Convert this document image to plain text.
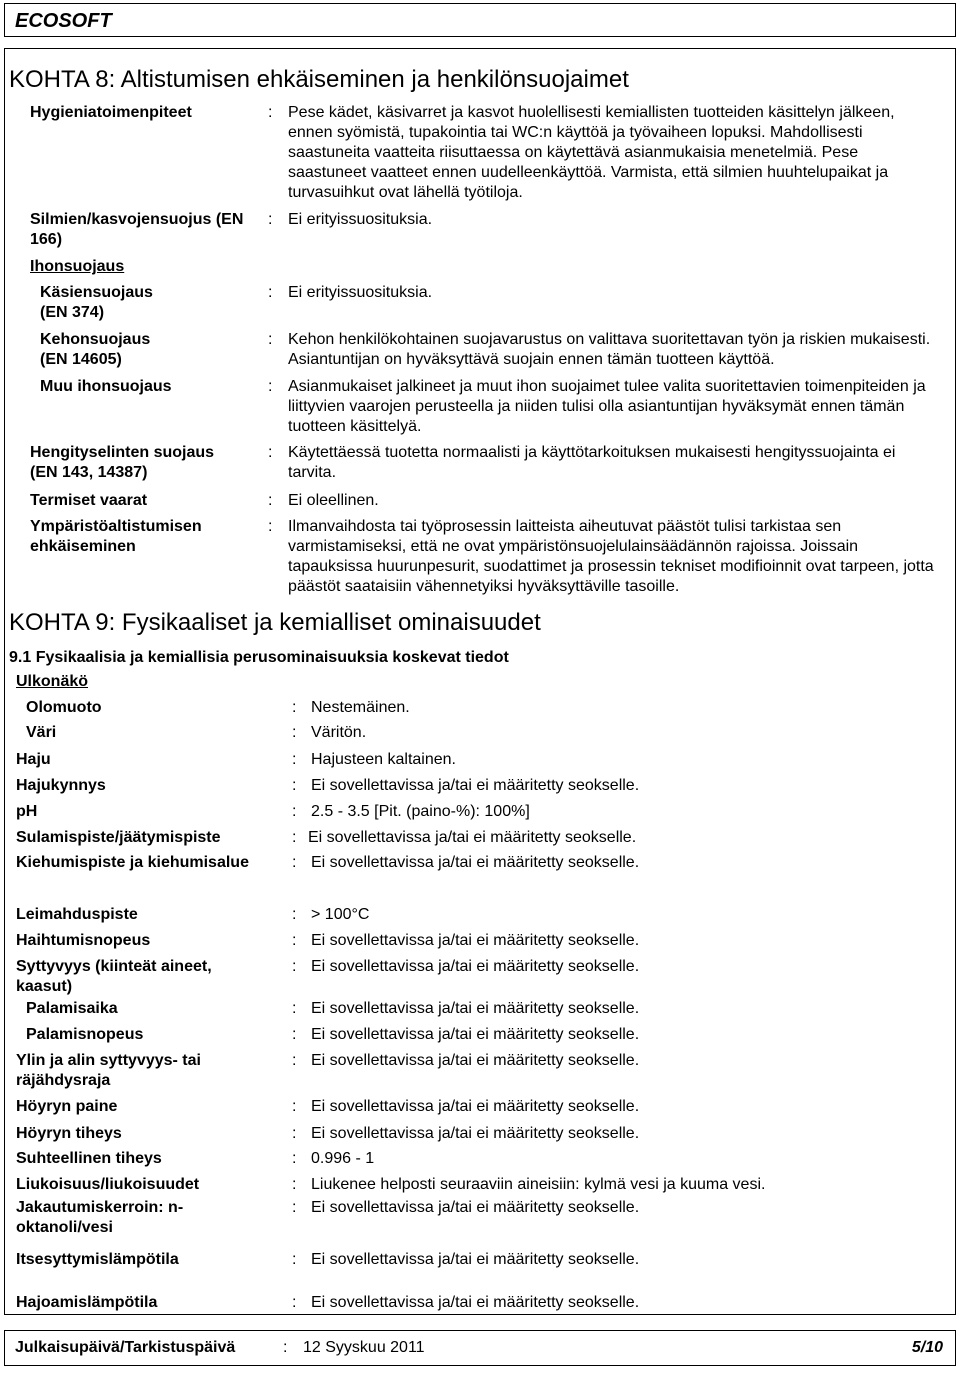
ECOSOFT
KOHTA 8: Altistumisen ehkäiseminen ja henkilönsuojaimet
Hygieniatoimenpiteet	: Pese kädet, käsivarret ja kasvot huolellisesti kemiallisten tuotteiden käsittelyn jälkeen, ennen syömistä, tupakointia tai WC:n käyttöä ja työvaiheen lopuksi. Mahdollisesti saastuneita vaatteita riisuttaessa on käytettävä asianmukaisia menetelmiä. Pese saastuneet vaatteet ennen uudelleenkäyttöä. Varmista, että silmien huuhtelupaikat ja turvasuihkut ovat lähellä työtiloja.
Silmien/kasvojensuojus (EN 166)
: Ei erityissuosituksia.
Ihonsuojaus
Käsiensuojaus (EN 374)
: Ei erityissuosituksia.
Kehonsuojaus (EN 14605)
: Kehon henkilökohtainen suojavarustus on valittava suoritettavan työn ja riskien mukaisesti. Asiantuntijan on hyväksyttävä suojain ennen tämän tuotteen käyttöä.
Muu ihonsuojaus	: Asianmukaiset jalkineet ja muut ihon suojaimet tulee valita suoritettavien toimenpiteiden ja liittyvien vaarojen perusteella ja niiden tulisi olla asiantuntijan hyväksymät ennen tämän tuotteen käsittelyä.
Hengityselinten suojaus (EN 143, 14387)
: Käytettäessä tuotetta normaalisti ja käyttötarkoituksen mukaisesti hengityssuojainta ei tarvita.
Termiset vaarat	: Ei oleellinen.
Ympäristöaltistumisen ehkäiseminen
: Ilmanvaihdosta tai työprosessin laitteista aiheutuvat päästöt tulisi tarkistaa sen varmistamiseksi, että ne ovat ympäristönsuojelulainsäädännön rajoissa. Joissain tapauksissa huurunpesurit, suodattimet ja prosessin tekniset modifioinnit ovat tarpeen, jotta päästöt saataisiin vähennetyiksi hyväksyttäville tasoille.
KOHTA 9: Fysikaaliset ja kemialliset ominaisuudet
9.1 Fysikaalisia ja kemiallisia perusominaisuuksia koskevat tiedot
Ulkonäkö
Olomuoto	: Nestemäinen.
Väri	: Väritön.
Haju	: Hajusteen kaltainen.
Hajukynnys	: Ei sovellettavissa ja/tai ei määritetty seokselle.
pH	: 2.5 - 3.5 [Pit. (paino-%): 100%]
Sulamispiste/jäätymispiste	: Ei sovellettavissa ja/tai ei määritetty seokselle.
Kiehumispiste ja kiehumisalue	: Ei sovellettavissa ja/tai ei määritetty seokselle.
Leimahduspiste	: > 100°C
Haihtumisnopeus	: Ei sovellettavissa ja/tai ei määritetty seokselle.
Syttyvyys (kiinteät aineet, kaasut)
: Ei sovellettavissa ja/tai ei määritetty seokselle.
Palamisaika	: Ei sovellettavissa ja/tai ei määritetty seokselle.
Palamisnopeus	: Ei sovellettavissa ja/tai ei määritetty seokselle.
Ylin ja alin syttyvyys- tai räjähdysraja
: Ei sovellettavissa ja/tai ei määritetty seokselle.
Höyryn paine	: Ei sovellettavissa ja/tai ei määritetty seokselle.
Höyryn tiheys	: Ei sovellettavissa ja/tai ei määritetty seokselle.
Suhteellinen tiheys	: 0.996 - 1
Liukoisuus/liukoisuudet	: Liukenee helposti seuraaviin aineisiin: kylmä vesi ja kuuma vesi.
Jakautumiskerroin: n-oktanoli/vesi
: Ei sovellettavissa ja/tai ei määritetty seokselle.
Itsesyttymislämpötila	: Ei sovellettavissa ja/tai ei määritetty seokselle.
Hajoamislämpötila	: Ei sovellettavissa ja/tai ei määritetty seokselle.
Julkaisupäivä/Tarkistuspäivä	: 12 Syyskuu 2011	5/10
